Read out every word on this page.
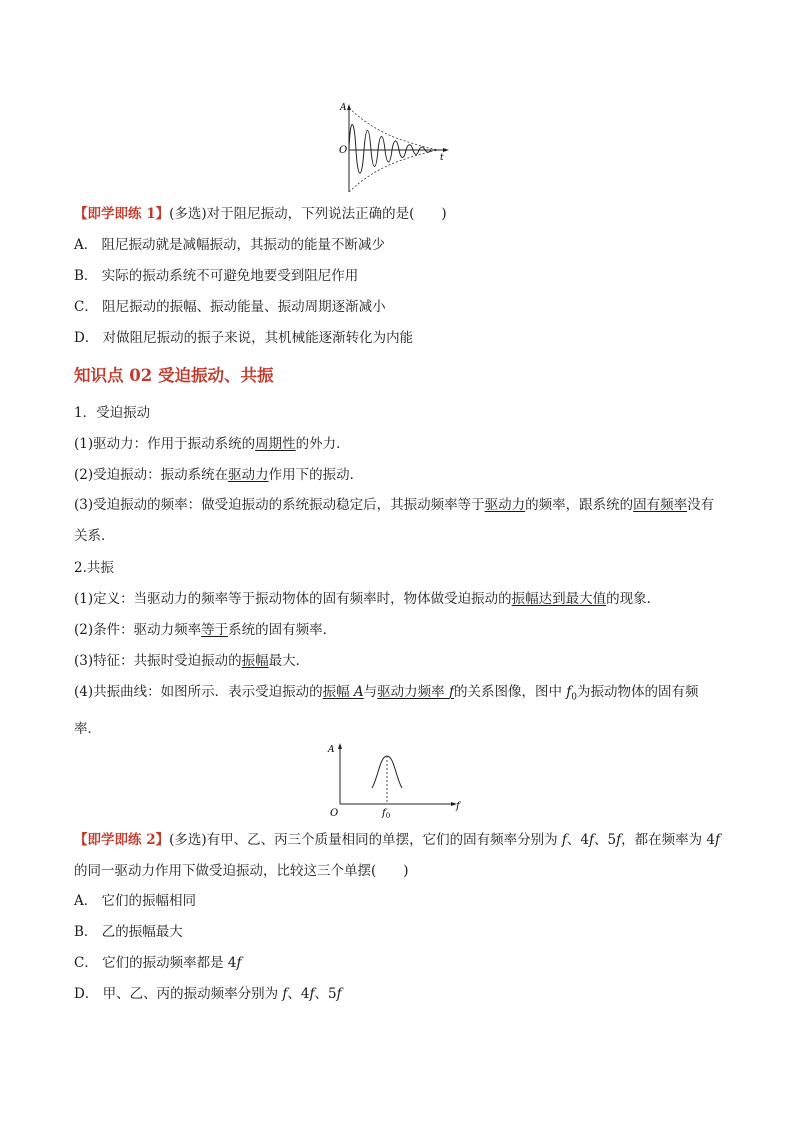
A
O
t
【即学即练 1】(多选)对于阻尼振动，下列说法正确的是(　　)
A． 阻尼振动就是减幅振动，其振动的能量不断减少
B． 实际的振动系统不可避免地要受到阻尼作用
C． 阻尼振动的振幅、振动能量、振动周期逐渐减小
D． 对做阻尼振动的振子来说，其机械能逐渐转化为内能
知识点 02 受迫振动、共振
1．受迫振动
(1)驱动力：作用于振动系统的周期性的外力．
(2)受迫振动：振动系统在驱动力作用下的振动．
(3)受迫振动的频率：做受迫振动的系统振动稳定后，其振动频率等于驱动力的频率，跟系统的固有频率没有关系．
2.共振
(1)定义：当驱动力的频率等于振动物体的固有频率时，物体做受迫振动的振幅达到最大值的现象．
(2)条件：驱动力频率等于系统的固有频率．
(3)特征：共振时受迫振动的振幅最大．
(4)共振曲线：如图所示．表示受迫振动的振幅 A与驱动力频率 f的关系图像，图中 $f_0$为振动物体的固有频率．
A
O
f
$f_0$
【即学即练 2】(多选)有甲、乙、丙三个质量相同的单摆，它们的固有频率分别为 f、4f、5f，都在频率为 4f 的同一驱动力作用下做受迫振动，比较这三个单摆(　　)
A． 它们的振幅相同
B． 乙的振幅最大
C． 它们的振动频率都是 4f
D． 甲、乙、丙的振动频率分别为 f、4f、5f
